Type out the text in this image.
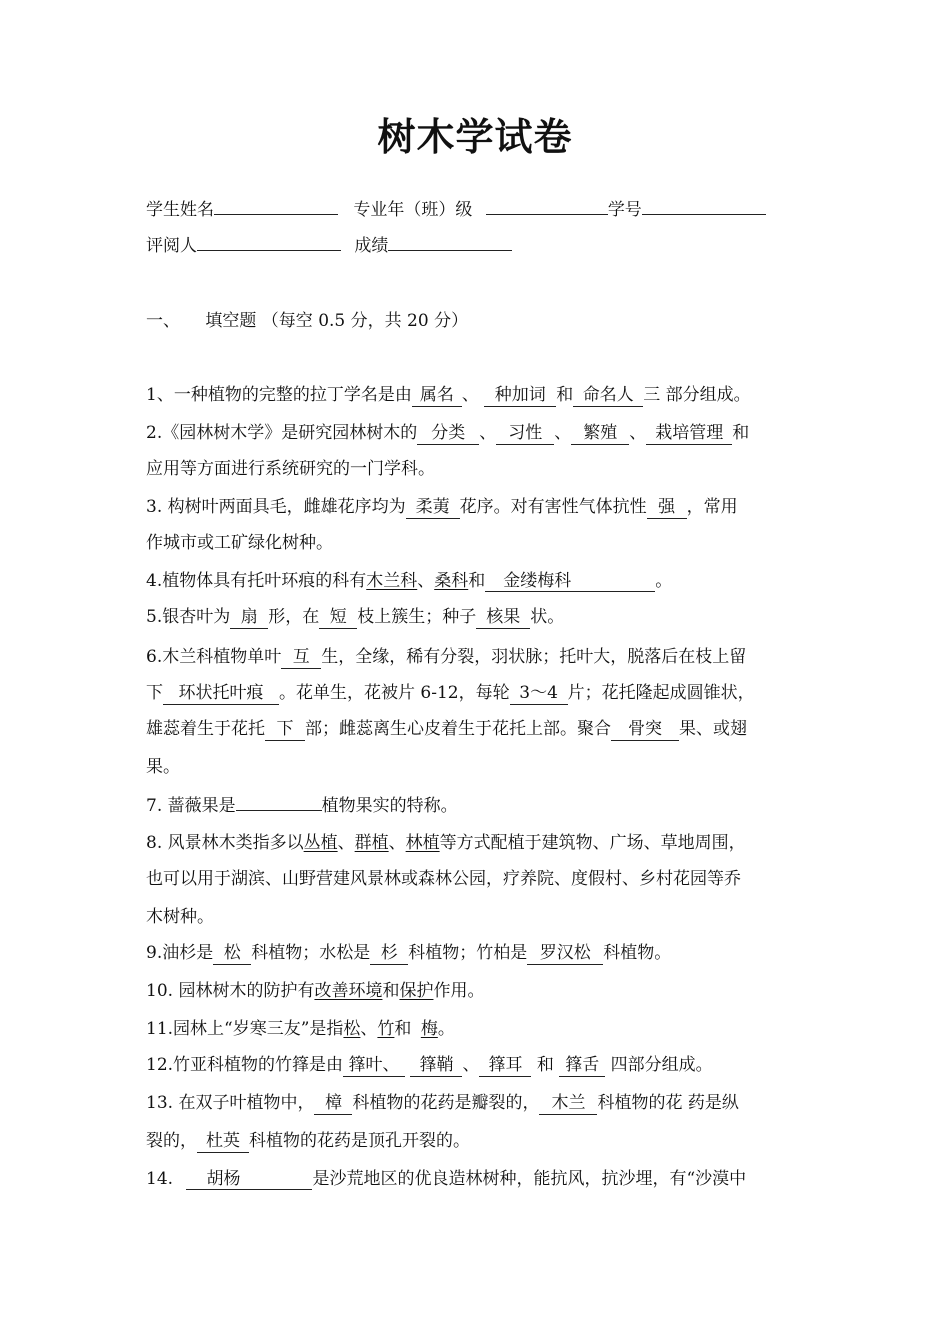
树木学试卷
学生姓名	专业年（班）级	学号
评阅人	成绩
一、 填空题 （每空 0.5 分，共 20 分）
1、一种植物的完整的拉丁学名是由 属名 、 种加词 和 命名人 三 部分组成。
2.《园林树木学》是研究园林树木的 分类 、 习性 、 繁殖 、 栽培管理 和
应用等方面进行系统研究的一门学科。
3. 构树叶两面具毛，雌雄花序均为 柔荑 花序。对有害性气体抗性 强 ，常用
作城市或工矿绿化树种。
4.植物体具有托叶环痕的科有木兰科、桑科和 金缕梅科	。
5.银杏叶为 扇 形，在 短 枝上簇生；种子 核果 状。
6.木兰科植物单叶 互 生，全缘，稀有分裂，羽状脉；托叶大，脱落后在枝上留
下 环状托叶痕 。花单生，花被片 6-12，每轮 3～4 片；花托隆起成圆锥状，
雄蕊着生于花托 下 部；雌蕊离生心皮着生于花托上部。聚合 骨突 果、或翅
果。
7. 蔷薇果是	植物果实的特称。
8. 风景林木类指多以丛植、群植、林植等方式配植于建筑物、广场、草地周围，
也可以用于湖滨、山野营建风景林或森林公园，疗养院、度假村、乡村花园等乔
木树种。
9.油杉是 松 科植物；水松是 杉 科植物；竹柏是 罗汉松 科植物。
10. 园林树木的防护有改善环境和保护作用。
11.园林上“岁寒三友”是指松、竹和 梅。
12.竹亚科植物的竹箨是由 箨叶、 箨鞘 、 箨耳 和 箨舌 四部分组成。
13. 在双子叶植物中， 樟 科植物的花药是瓣裂的， 木兰 科植物的花 药是纵
裂的， 杜英 科植物的花药是顶孔开裂的。
14. 胡杨	是沙荒地区的优良造林树种，能抗风，抗沙埋，有“沙漠中
